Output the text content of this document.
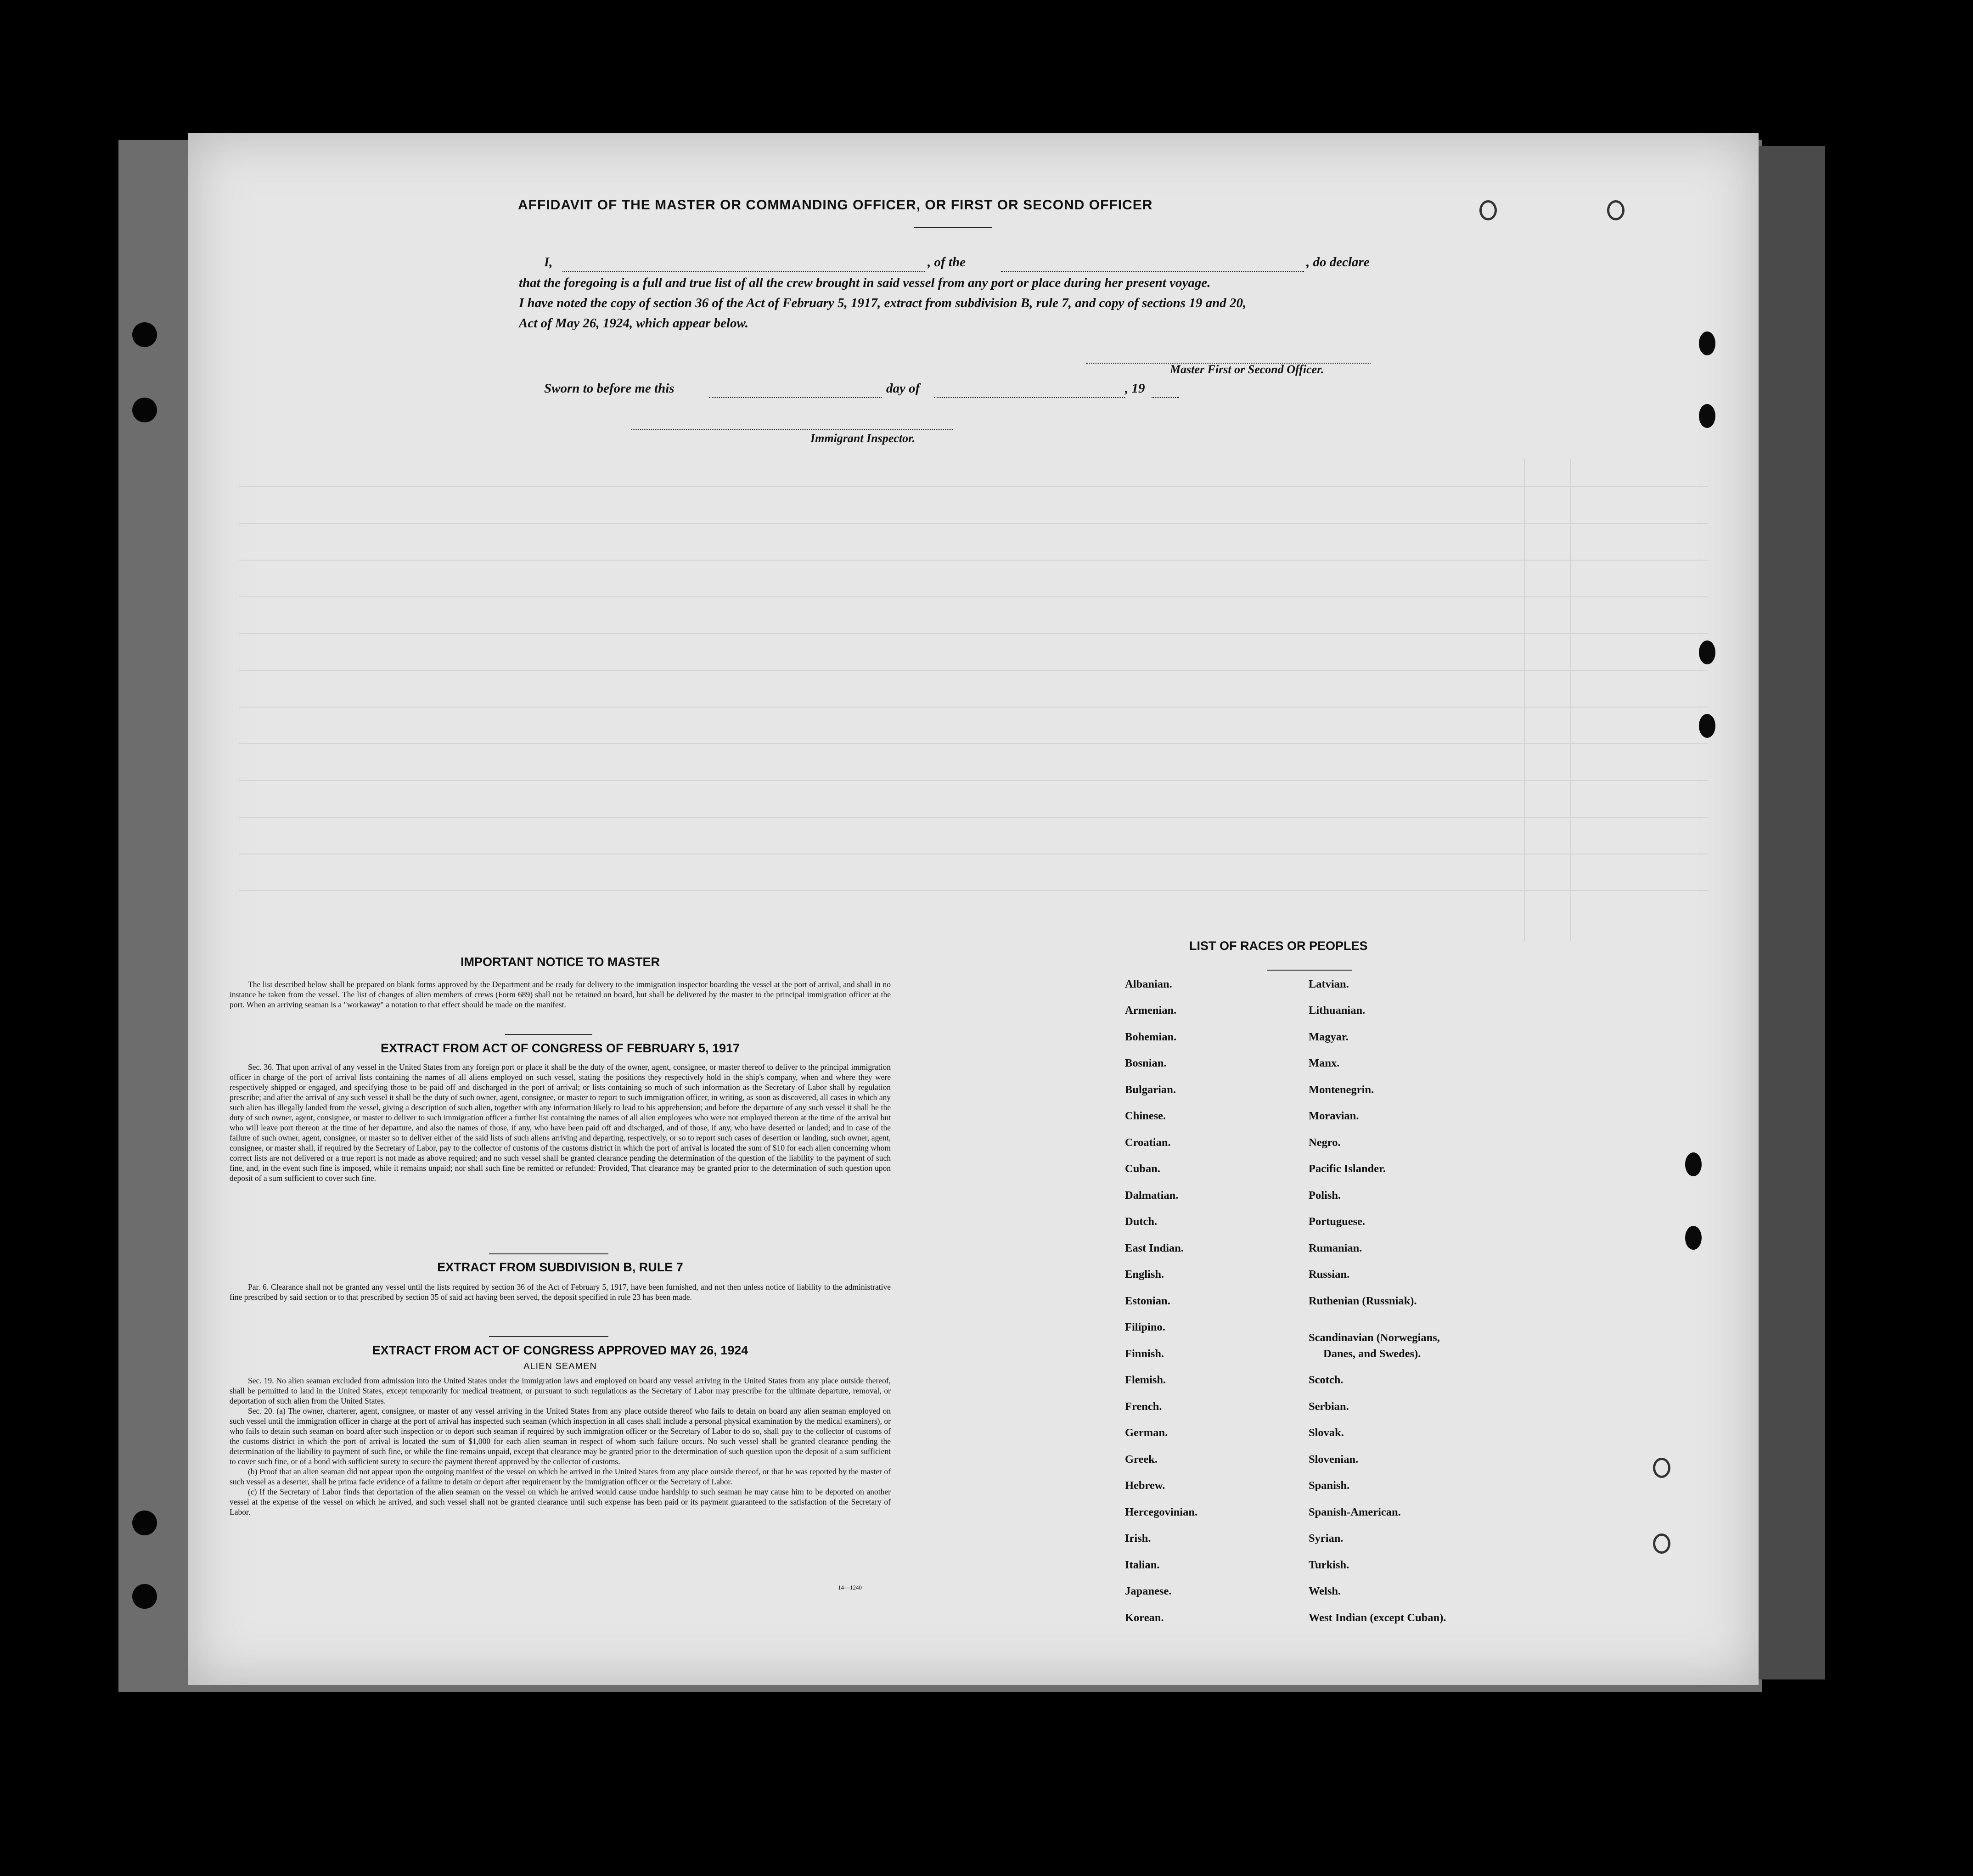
AFFIDAVIT OF THE MASTER OR COMMANDING OFFICER, OR FIRST OR SECOND OFFICER
I,	, of the	, do declare
that the foregoing is a full and true list of all the crew brought in said vessel from any port or place during her present voyage.
I have noted the copy of section 36 of the Act of February 5, 1917, extract from subdivision B, rule 7, and copy of sections 19 and 20,
Act of May 26, 1924, which appear below.
Master First or Second Officer.
Sworn to before me this	day of	, 19
Immigrant Inspector.
IMPORTANT NOTICE TO MASTER

The list described below shall be prepared on blank forms approved by the Department and be ready for delivery to the immigration inspector boarding the vessel at the port of arrival, and shall in no instance be taken from the vessel. The list of changes of alien members of crews (Form 689) shall not be retained on board, but shall be delivered by the master to the principal immigration officer at the port. When an arriving seaman is a "workaway" a notation to that effect should be made on the manifest.

EXTRACT FROM ACT OF CONGRESS OF FEBRUARY 5, 1917

Sec. 36. That upon arrival of any vessel in the United States from any foreign port or place it shall be the duty of the owner, agent, consignee, or master thereof to deliver to the principal immigration officer in charge of the port of arrival lists containing the names of all aliens employed on such vessel, stating the positions they respectively hold in the ship's company, when and where they were respectively shipped or engaged, and specifying those to be paid off and discharged in the port of arrival; or lists containing so much of such information as the Secretary of Labor shall by regulation prescribe; and after the arrival of any such vessel it shall be the duty of such owner, agent, consignee, or master to report to such immigration officer, in writing, as soon as discovered, all cases in which any such alien has illegally landed from the vessel, giving a description of such alien, together with any information likely to lead to his apprehension; and before the departure of any such vessel it shall be the duty of such owner, agent, consignee, or master to deliver to such immigration officer a further list containing the names of all alien employees who were not employed thereon at the time of the arrival but who will leave port thereon at the time of her departure, and also the names of those, if any, who have been paid off and discharged, and of those, if any, who have deserted or landed; and in case of the failure of such owner, agent, consignee, or master so to deliver either of the said lists of such aliens arriving and departing, respectively, or so to report such cases of desertion or landing, such owner, agent, consignee, or master shall, if required by the Secretary of Labor, pay to the collector of customs of the customs district in which the port of arrival is located the sum of $10 for each alien concerning whom correct lists are not delivered or a true report is not made as above required; and no such vessel shall be granted clearance pending the determination of the question of the liability to the payment of such fine, and, in the event such fine is imposed, while it remains unpaid; nor shall such fine be remitted or refunded: Provided, That clearance may be granted prior to the determination of such question upon deposit of a sum sufficient to cover such fine.

EXTRACT FROM SUBDIVISION B, RULE 7

Par. 6. Clearance shall not be granted any vessel until the lists required by section 36 of the Act of February 5, 1917, have been furnished, and not then unless notice of liability to the administrative fine prescribed by said section or to that prescribed by section 35 of said act having been served, the deposit specified in rule 23 has been made.

EXTRACT FROM ACT OF CONGRESS APPROVED MAY 26, 1924
ALIEN SEAMEN

Sec. 19. No alien seaman excluded from admission into the United States under the immigration laws and employed on board any vessel arriving in the United States from any place outside thereof, shall be permitted to land in the United States, except temporarily for medical treatment, or pursuant to such regulations as the Secretary of Labor may prescribe for the ultimate departure, removal, or deportation of such alien from the United States.

Sec. 20. (a) The owner, charterer, agent, consignee, or master of any vessel arriving in the United States from any place outside thereof who fails to detain on board any alien seaman employed on such vessel until the immigration officer in charge at the port of arrival has inspected such seaman (which inspection in all cases shall include a personal physical examination by the medical examiners), or who fails to detain such seaman on board after such inspection or to deport such seaman if required by such immigration officer or the Secretary of Labor to do so, shall pay to the collector of customs of the customs district in which the port of arrival is located the sum of $1,000 for each alien seaman in respect of whom such failure occurs. No such vessel shall be granted clearance pending the determination of the liability to payment of such fine, or while the fine remains unpaid, except that clearance may be granted prior to the determination of such question upon the deposit of a sum sufficient to cover such fine, or of a bond with sufficient surety to secure the payment thereof approved by the collector of customs.

(b) Proof that an alien seaman did not appear upon the outgoing manifest of the vessel on which he arrived in the United States from any place outside thereof, or that he was reported by the master of such vessel as a deserter, shall be prima facie evidence of a failure to detain or deport after requirement by the immigration officer or the Secretary of Labor.

(c) If the Secretary of Labor finds that deportation of the alien seaman on the vessel on which he arrived would cause undue hardship to such seaman he may cause him to be deported on another vessel at the expense of the vessel on which he arrived, and such vessel shall not be granted clearance until such expense has been paid or its payment guaranteed to the satisfaction of the Secretary of Labor.

14—1240
LIST OF RACES OR PEOPLES
Albanian.
Armenian.
Bohemian.
Bosnian.
Bulgarian.
Chinese.
Croatian.
Cuban.
Dalmatian.
Dutch.
East Indian.
English.
Estonian.
Filipino.
Finnish.
Flemish.
French.
German.
Greek.
Hebrew.
Hercegovinian.
Irish.
Italian.
Japanese.
Korean.
Latvian.
Lithuanian.
Magyar.
Manx.
Montenegrin.
Moravian.
Negro.
Pacific Islander.
Polish.
Portuguese.
Rumanian.
Russian.
Ruthenian (Russniak).
Scandinavian (Norwegians,
Danes, and Swedes).
Scotch.
Serbian.
Slovak.
Slovenian.
Spanish.
Spanish-American.
Syrian.
Turkish.
Welsh.
West Indian (except Cuban).
